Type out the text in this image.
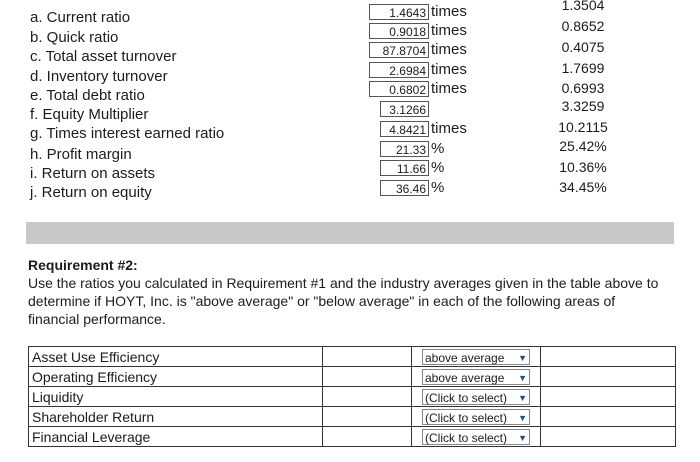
a. Current ratio	1.4643 times	1.3504
b. Quick ratio	0.9018 times	0.8652
c. Total asset turnover	87.8704 times	0.4075
d. Inventory turnover	2.6984 times	1.7699
e. Total debt ratio	0.6802 times	0.6993
f. Equity Multiplier	3.1266	3.3259
g. Times interest earned ratio	4.8421 times	10.2115
h. Profit margin	21.33 %	25.42%
i. Return on assets	11.66 %	10.36%
j. Return on equity	36.46 %	34.45%
Requirement #2:
Use the ratios you calculated in Requirement #1 and the industry averages given in the table above to determine if HOYT, Inc. is "above average" or "below average" in each of the following areas of financial performance.
Asset Use Efficiency		above average ▼	

Operating Efficiency		above average ▼	

Liquidity		(Click to select) ▼	

Shareholder Return		(Click to select) ▼	

Financial Leverage		(Click to select) ▼	
